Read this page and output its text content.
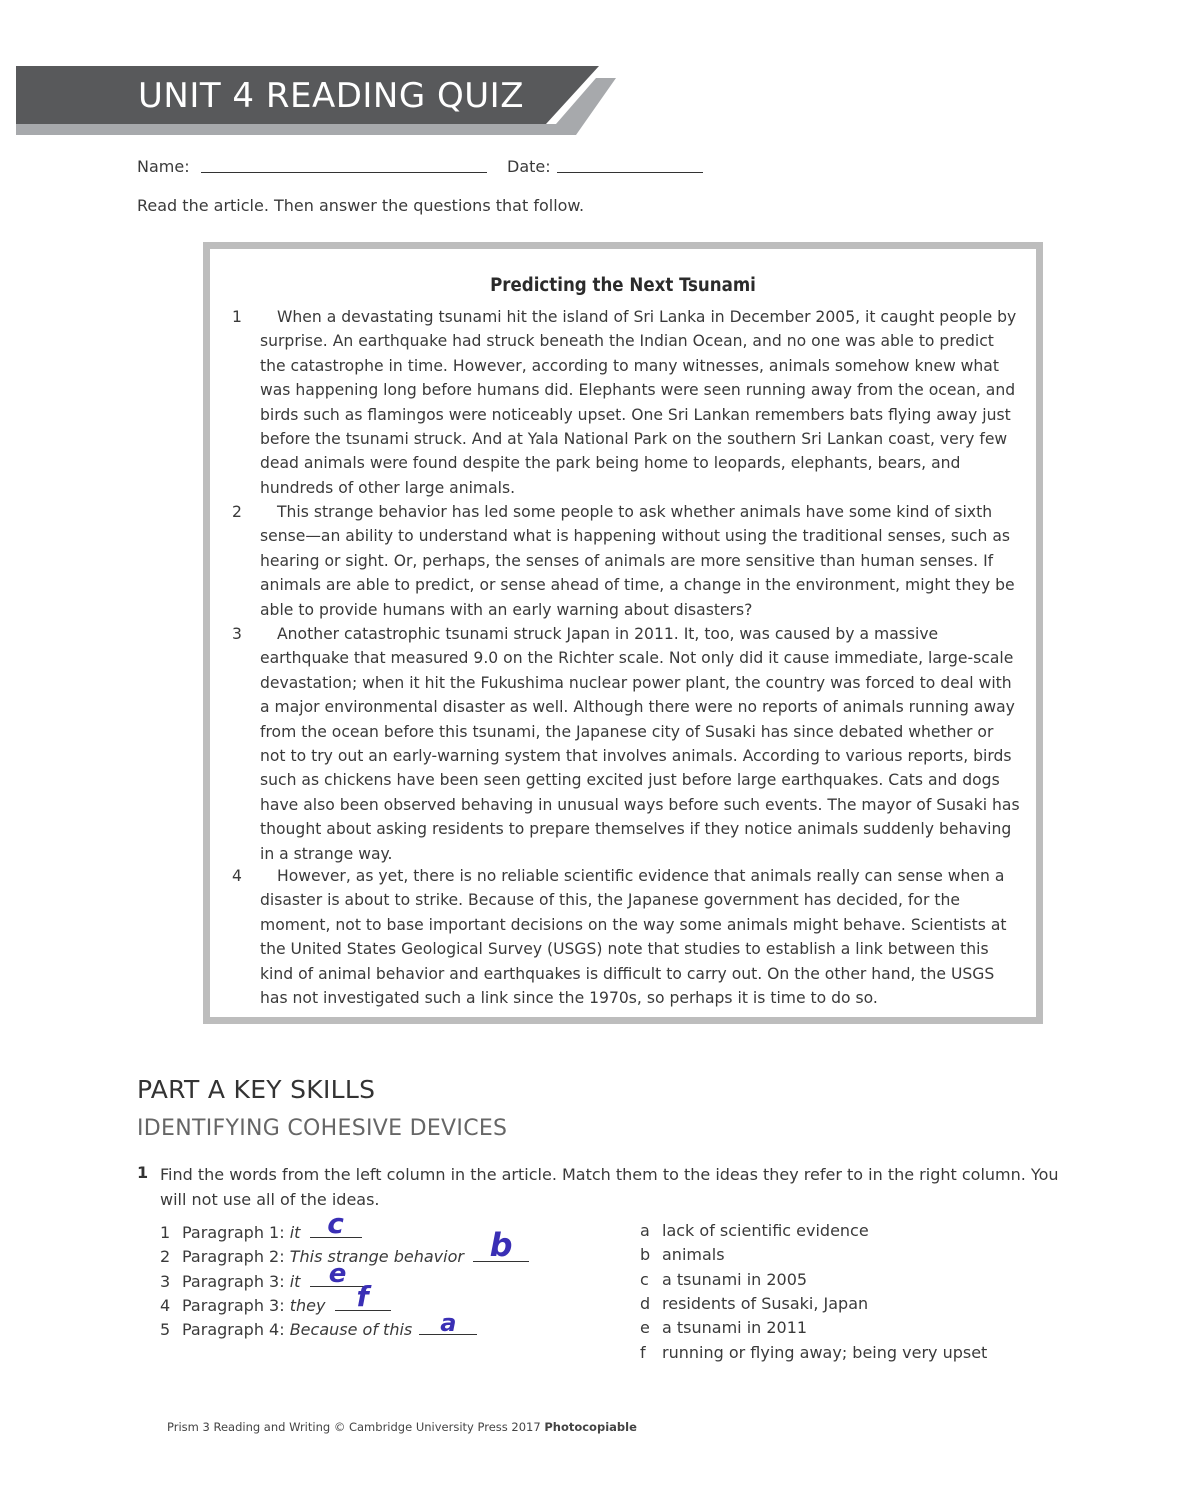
UNIT 4 READING QUIZ
Name:	Date:
Read the article. Then answer the questions that follow.
Predicting the Next Tsunami
1	When a devastating tsunami hit the island of Sri Lanka in December 2005, it caught people by surprise. An earthquake had struck beneath the Indian Ocean, and no one was able to predict the catastrophe in time. However, according to many witnesses, animals somehow knew what was happening long before humans did. Elephants were seen running away from the ocean, and birds such as flamingos were noticeably upset. One Sri Lankan remembers bats flying away just before the tsunami struck. And at Yala National Park on the southern Sri Lankan coast, very few dead animals were found despite the park being home to leopards, elephants, bears, and hundreds of other large animals.
2	This strange behavior has led some people to ask whether animals have some kind of sixth sense—an ability to understand what is happening without using the traditional senses, such as hearing or sight. Or, perhaps, the senses of animals are more sensitive than human senses. If animals are able to predict, or sense ahead of time, a change in the environment, might they be able to provide humans with an early warning about disasters?
3	Another catastrophic tsunami struck Japan in 2011. It, too, was caused by a massive earthquake that measured 9.0 on the Richter scale. Not only did it cause immediate, large-scale devastation; when it hit the Fukushima nuclear power plant, the country was forced to deal with a major environmental disaster as well. Although there were no reports of animals running away from the ocean before this tsunami, the Japanese city of Susaki has since debated whether or not to try out an early-warning system that involves animals. According to various reports, birds such as chickens have been seen getting excited just before large earthquakes. Cats and dogs have also been observed behaving in unusual ways before such events. The mayor of Susaki has thought about asking residents to prepare themselves if they notice animals suddenly behaving in a strange way.
4	However, as yet, there is no reliable scientific evidence that animals really can sense when a disaster is about to strike. Because of this, the Japanese government has decided, for the moment, not to base important decisions on the way some animals might behave. Scientists at the United States Geological Survey (USGS) note that studies to establish a link between this kind of animal behavior and earthquakes is difficult to carry out. On the other hand, the USGS has not investigated such a link since the 1970s, so perhaps it is time to do so.
PART A KEY SKILLS
IDENTIFYING COHESIVE DEVICES
1 Find the words from the left column in the article. Match them to the ideas they refer to in the right column. You will not use all of the ideas.
1 Paragraph 1: it c
2 Paragraph 2: This strange behavior b
3 Paragraph 3: it	e
4 Paragraph 3: they	f
5 Paragraph 4: Because of this	a
a lack of scientific evidence
b animals
c a tsunami in 2005
d residents of Susaki, Japan
e a tsunami in 2011
f running or flying away; being very upset
Prism 3 Reading and Writing © Cambridge University Press 2017 Photocopiable
